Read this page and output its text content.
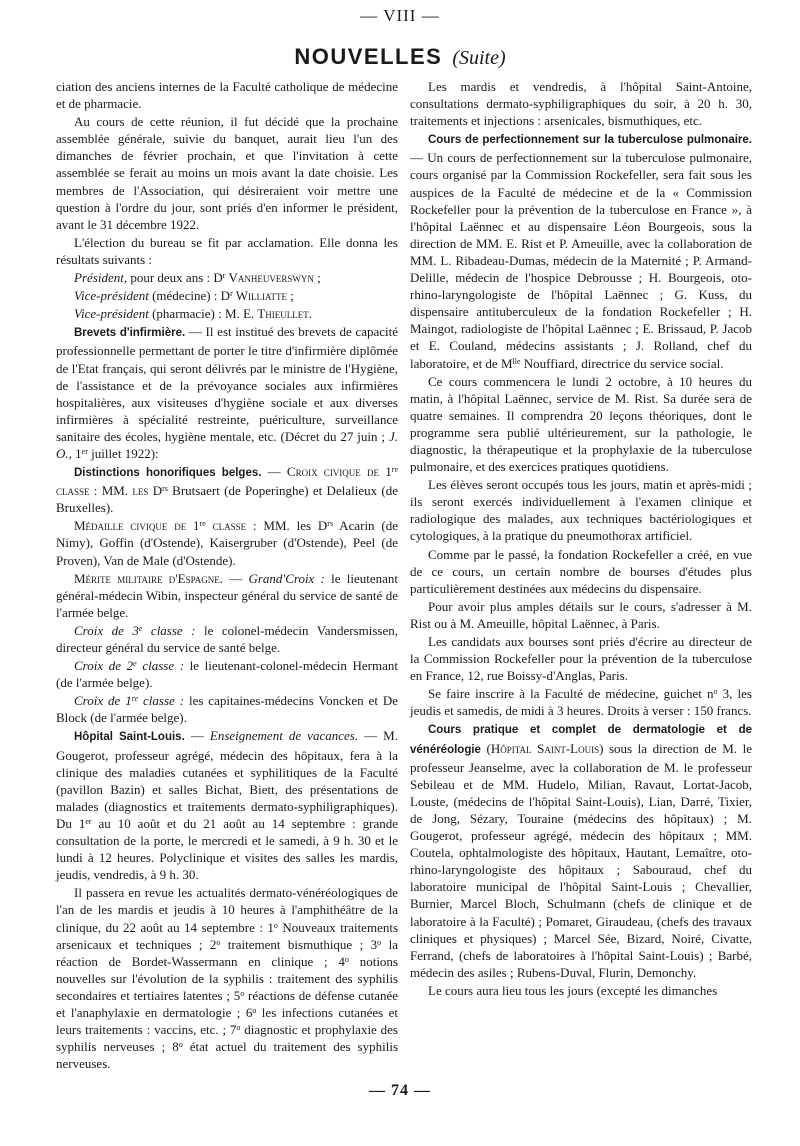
— VIII —
NOUVELLES (Suite)

ciation des anciens internes de la Faculté catholique de médecine et de pharmacie.

Au cours de cette réunion, il fut décidé que la prochaine assemblée générale, suivie du banquet, aurait lieu l'un des dimanches de février prochain, et que l'invitation à cette assemblée se ferait au moins un mois avant la date choisie. Les membres de l'Association, qui désireraient voir mettre une question à l'ordre du jour, sont priés d'en informer le président, avant le 31 décembre 1922.

L'élection du bureau se fit par acclamation. Elle donna les résultats suivants :

Président, pour deux ans : $D^r$ Vanheuverswyn ;

Vice-président (médecine) : $D^r$ Williatte ;

Vice-président (pharmacie) : M. E. Thieullet.

Brevets d'infirmière. — Il est institué des brevets de capacité professionnelle permettant de porter le titre d'infirmière diplômée de l'Etat français, qui seront délivrés par le ministre de l'Hygiène, de l'assistance et de la prévoyance sociales aux infirmières hospitalières, aux visiteuses d'hygiène sociale et aux diverses infirmières à spécialité restreinte, puériculture, surveillance sanitaire des écoles, hygiène mentale, etc. (Décret du 27 juin ; J. O., 1er juillet 1922):

Distinctions honorifiques belges. — Croix civique de 1re classe : MM. les $D^{rs}$ Brutsaert (de Poperinghe) et Delalieux (de Bruxelles).

Médaille civique de 1re classe : MM. les $D^{rs}$ Acarin (de Nimy), Goffin (d'Ostende), Kaisergruber (d'Ostende), Peel (de Proven), Van de Male (d'Ostende).

Mérite militaire d'Espagne. — Grand'Croix : le lieutenant général-médecin Wibin, inspecteur général du service de santé de l'armée belge.

Croix de 3e classe : le colonel-médecin Vandersmissen, directeur général du service de santé belge.

Croix de 2e classe : le lieutenant-colonel-médecin Hermant (de l'armée belge).

Croix de 1re classe : les capitaines-médecins Voncken et De Block (de l'armée belge).

Hôpital Saint-Louis. — Enseignement de vacances. — M. Gougerot, professeur agrégé, médecin des hôpitaux, fera à la clinique des maladies cutanées et syphilitiques de la Faculté (pavillon Bazin) et salles Bichat, Biett, des présentations de malades (diagnostics et traitements dermato-syphiligraphiques). Du 1er au 10 août et du 21 août au 14 septembre : grande consultation de la porte, le mercredi et le samedi, à 9 h. 30 et le lundi à 12 heures. Polyclinique et visites des salles les mardis, jeudis, vendredis, à 9 h. 30.

Il passera en revue les actualités dermato-vénéréologiques de l'an de les mardis et jeudis à 10 heures à l'amphithéâtre de la clinique, du 22 août au 14 septembre : 1$^o$ Nouveaux traitements arsenicaux et techniques ; 2$^o$ traitement bismuthique ; 3$^o$ la réaction de Bordet-Wassermann en clinique ; 4$^o$ notions nouvelles sur l'évolution de la syphilis : traitement des syphilis secondaires et tertiaires latentes ; 5$^o$ réactions de défense cutanée et l'anaphylaxie en dermatologie ; 6$^o$ les infections cutanées et leurs traitements : vaccins, etc. ; 7$^o$ diagnostic et prophylaxie des syphilis nerveuses ; 8$^o$ état actuel du traitement des syphilis nerveuses.

Les mardis et vendredis, à l'hôpital Saint-Antoine, consultations dermato-syphiligraphiques du soir, à 20 h. 30, traitements et injections : arsenicales, bismuthiques, etc.

Cours de perfectionnement sur la tuberculose pulmonaire. — Un cours de perfectionnement sur la tuberculose pulmonaire, cours organisé par la Commission Rockefeller, sera fait sous les auspices de la Faculté de médecine et de la « Commission Rockefeller pour la prévention de la tuberculose en France », à l'hôpital Laënnec et au dispensaire Léon Bourgeois, sous la direction de MM. E. Rist et P. Ameuille, avec la collaboration de MM. L. Ribadeau-Dumas, médecin de la Maternité ; P. Armand-Delille, médecin de l'hospice Debrousse ; H. Bourgeois, oto-rhino-laryngologiste de l'hôpital Laënnec ; G. Kuss, du dispensaire antituberculeux de la fondation Rockefeller ; H. Maingot, radiologiste de l'hôpital Laënnec ; E. Brissaud, P. Jacob et E. Couland, médecins assistants ; J. Rolland, chef du laboratoire, et de $M^{lle}$ Nouffiard, directrice du service social.

Ce cours commencera le lundi 2 octobre, à 10 heures du matin, à l'hôpital Laënnec, service de M. Rist. Sa durée sera de quatre semaines. Il comprendra 20 leçons théoriques, dont le programme sera publié ultérieurement, sur la pathologie, le diagnostic, la thérapeutique et la prophylaxie de la tuberculose pulmonaire, et des exercices pratiques quotidiens.

Les élèves seront occupés tous les jours, matin et après-midi ; ils seront exercés individuellement à l'examen clinique et radiologique des malades, aux techniques bactériologiques et cytologiques, à la pratique du pneumothorax artificiel.

Comme par le passé, la fondation Rockefeller a créé, en vue de ce cours, un certain nombre de bourses d'études plus particulièrement destinées aux médecins du dispensaire.

Pour avoir plus amples détails sur le cours, s'adresser à M. Rist ou à M. Ameuille, hôpital Laënnec, à Paris.

Les candidats aux bourses sont priés d'écrire au directeur de la Commission Rockefeller pour la prévention de la tuberculose en France, 12, rue Boissy-d'Anglas, Paris.

Se faire inscrire à la Faculté de médecine, guichet $n^o$ 3, les jeudis et samedis, de midi à 3 heures. Droits à verser : 150 francs.

Cours pratique et complet de dermatologie et de vénéréologie (Hôpital Saint-Louis) sous la direction de M. le professeur Jeanselme, avec la collaboration de M. le professeur Sebileau et de MM. Hudelo, Milian, Ravaut, Lortat-Jacob, Louste, (médecins de l'hôpital Saint-Louis), Lian, Darré, Tixier, de Jong, Sézary, Touraine (médecins des hôpitaux) ; M. Gougerot, professeur agrégé, médecin des hôpitaux ; MM. Coutela, ophtalmologiste des hôpitaux, Hautant, Lemaître, oto-rhino-laryngologiste des hôpitaux ; Sabouraud, chef du laboratoire municipal de l'hôpital Saint-Louis ; Chevallier, Burnier, Marcel Bloch, Schulmann (chefs de clinique et de laboratoire à la Faculté) ; Pomaret, Giraudeau, (chefs des travaux cliniques et physiques) ; Marcel Sée, Bizard, Noiré, Civatte, Ferrand, (chefs de laboratoires à l'hôpital Saint-Louis) ; Barbé, médecin des asiles ; Rubens-Duval, Flurin, Demonchy.

Le cours aura lieu tous les jours (excepté les dimanches

— 74 —
